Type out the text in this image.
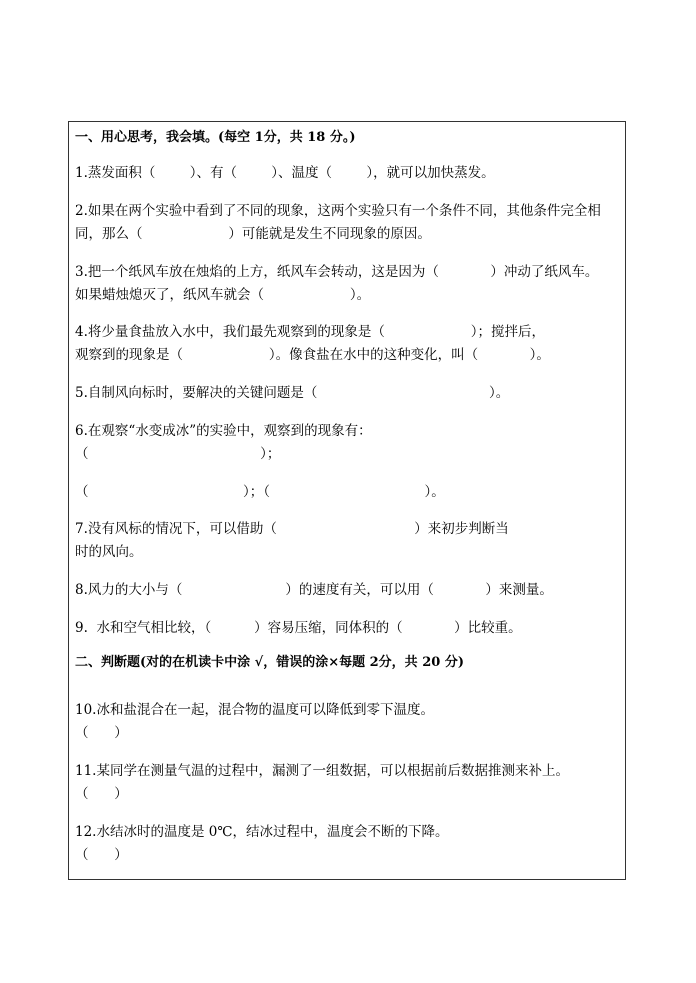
一、用心思考，我会填。(每空 1分，共 18 分。)
1.蒸发面积（        ）、有（        ）、温度（        ），就可以加快蒸发。
2.如果在两个实验中看到了不同的现象，这两个实验只有一个条件不同，其他条件完全相
同，那么（                    ）可能就是发生不同现象的原因。
3.把一个纸风车放在烛焰的上方，纸风车会转动，这是因为（            ）冲动了纸风车。
如果蜡烛熄灭了，纸风车就会（                    ）。
4.将少量食盐放入水中，我们最先观察到的现象是（                    ）；搅拌后，
观察到的现象是（                    ）。像食盐在水中的这种变化，叫（            ）。
5.自制风向标时，要解决的关键问题是（                                        ）。
6.在观察“水变成冰”的实验中，观察到的现象有：
（                                        ）；
（                                    ）；（                                    ）。
7.没有风标的情况下，可以借助（                                ）来初步判断当
时的风向。
8.风力的大小与（                        ）的速度有关，可以用（            ）来测量。
9.  水和空气相比较，（          ）容易压缩，同体积的（            ）比较重。
二、判断题(对的在机读卡中涂 √，错误的涂×每题 2分，共 20 分)
10.冰和盐混合在一起，混合物的温度可以降低到零下温度。
（      ）
11.某同学在测量气温的过程中，漏测了一组数据，可以根据前后数据推测来补上。
（      ）
12.水结冰时的温度是 0℃，结冰过程中，温度会不断的下降。
（      ）
